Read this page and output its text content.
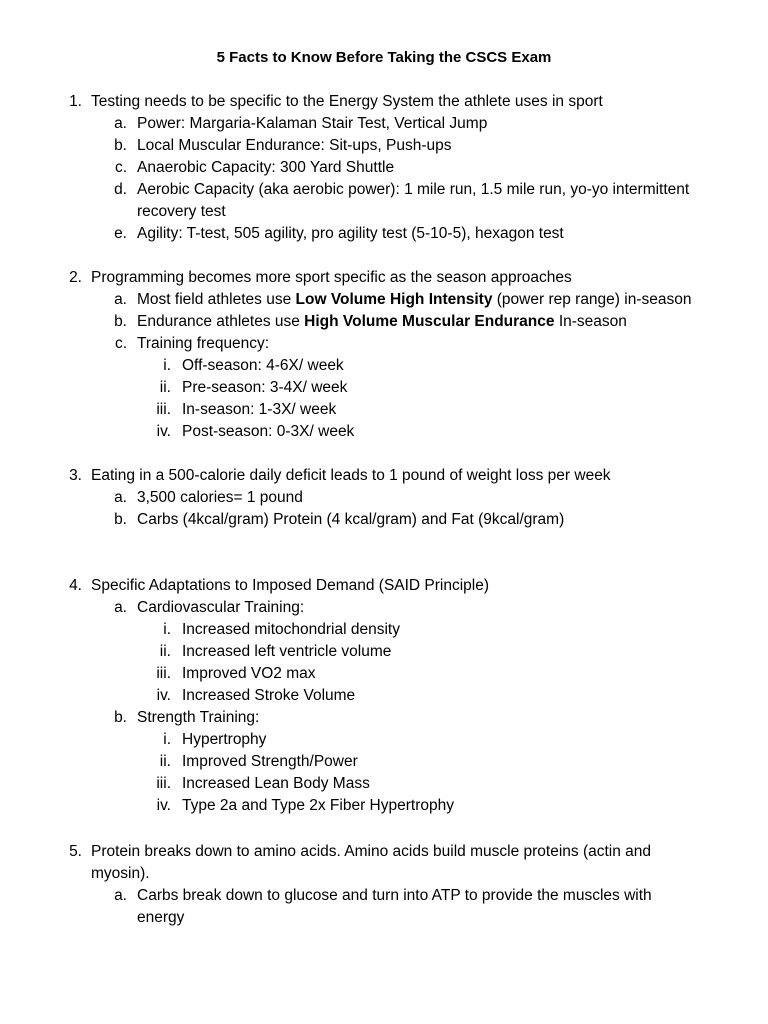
5 Facts to Know Before Taking the CSCS Exam
1. Testing needs to be specific to the Energy System the athlete uses in sport
a. Power: Margaria-Kalaman Stair Test, Vertical Jump
b. Local Muscular Endurance: Sit-ups, Push-ups
c. Anaerobic Capacity: 300 Yard Shuttle
d. Aerobic Capacity (aka aerobic power): 1 mile run, 1.5 mile run, yo-yo intermittent
recovery test
e. Agility: T-test, 505 agility, pro agility test (5-10-5), hexagon test
2. Programming becomes more sport specific as the season approaches
a. Most field athletes use Low Volume High Intensity (power rep range) in-season
b. Endurance athletes use High Volume Muscular Endurance In-season
c. Training frequency:
i. Off-season: 4-6X/ week
ii. Pre-season: 3-4X/ week
iii. In-season: 1-3X/ week
iv. Post-season: 0-3X/ week
3. Eating in a 500-calorie daily deficit leads to 1 pound of weight loss per week
a. 3,500 calories= 1 pound
b. Carbs (4kcal/gram) Protein (4 kcal/gram) and Fat (9kcal/gram)
4. Specific Adaptations to Imposed Demand (SAID Principle)
a. Cardiovascular Training:
i. Increased mitochondrial density
ii. Increased left ventricle volume
iii. Improved VO2 max
iv. Increased Stroke Volume
b. Strength Training:
i. Hypertrophy
ii. Improved Strength/Power
iii. Increased Lean Body Mass
iv. Type 2a and Type 2x Fiber Hypertrophy
5. Protein breaks down to amino acids. Amino acids build muscle proteins (actin and
myosin).
a. Carbs break down to glucose and turn into ATP to provide the muscles with
energy
